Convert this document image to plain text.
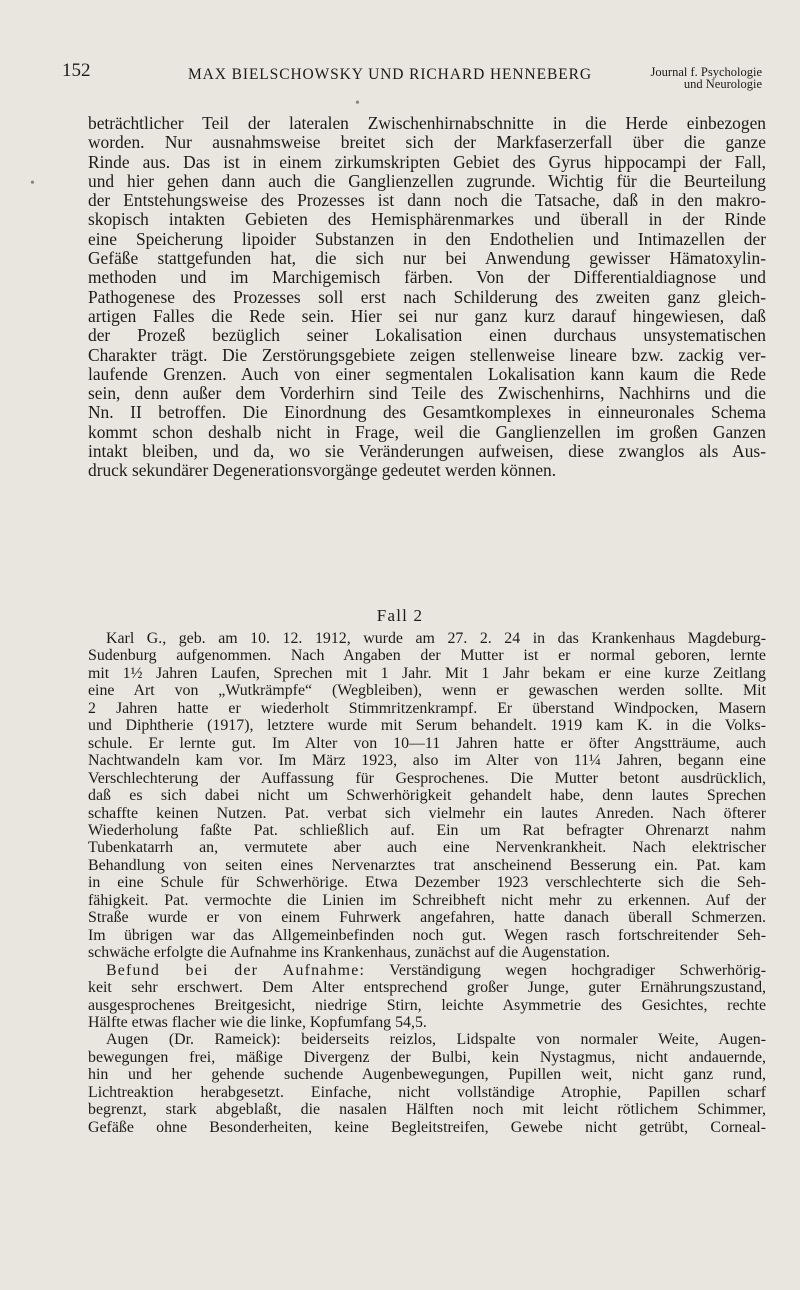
152	MAX BIELSCHOWSKY UND RICHARD HENNEBERG	Journal f. Psychologie
und Neurologie

beträchtlicher Teil der lateralen Zwischenhirnabschnitte in die Herde einbezogen

worden. Nur ausnahmsweise breitet sich der Markfaserzerfall über die ganze

Rinde aus. Das ist in einem zirkumskripten Gebiet des Gyrus hippocampi der Fall,

und hier gehen dann auch die Ganglienzellen zugrunde. Wichtig für die Beurteilung

der Entstehungsweise des Prozesses ist dann noch die Tatsache, daß in den makro-

skopisch intakten Gebieten des Hemisphärenmarkes und überall in der Rinde

eine Speicherung lipoider Substanzen in den Endothelien und Intimazellen der

Gefäße stattgefunden hat, die sich nur bei Anwendung gewisser Hämatoxylin-

methoden und im Marchigemisch färben. Von der Differentialdiagnose und

Pathogenese des Prozesses soll erst nach Schilderung des zweiten ganz gleich-

artigen Falles die Rede sein. Hier sei nur ganz kurz darauf hingewiesen, daß

der Prozeß bezüglich seiner Lokalisation einen durchaus unsystematischen

Charakter trägt. Die Zerstörungsgebiete zeigen stellenweise lineare bzw. zackig ver-

laufende Grenzen. Auch von einer segmentalen Lokalisation kann kaum die Rede

sein, denn außer dem Vorderhirn sind Teile des Zwischenhirns, Nachhirns und die

Nn. II betroffen. Die Einordnung des Gesamtkomplexes in einneuronales Schema

kommt schon deshalb nicht in Frage, weil die Ganglienzellen im großen Ganzen

intakt bleiben, und da, wo sie Veränderungen aufweisen, diese zwanglos als Aus-

druck sekundärer Degenerationsvorgänge gedeutet werden können.

Fall 2

Karl G., geb. am 10. 12. 1912, wurde am 27. 2. 24 in das Krankenhaus Magdeburg-

Sudenburg aufgenommen. Nach Angaben der Mutter ist er normal geboren, lernte

mit 1½ Jahren Laufen, Sprechen mit 1 Jahr. Mit 1 Jahr bekam er eine kurze Zeitlang

eine Art von „Wutkrämpfe“ (Wegbleiben), wenn er gewaschen werden sollte. Mit

2 Jahren hatte er wiederholt Stimmritzenkrampf. Er überstand Windpocken, Masern

und Diphtherie (1917), letztere wurde mit Serum behandelt. 1919 kam K. in die Volks-

schule. Er lernte gut. Im Alter von 10—11 Jahren hatte er öfter Angstträume, auch

Nachtwandeln kam vor. Im März 1923, also im Alter von 11¼ Jahren, begann eine

Verschlechterung der Auffassung für Gesprochenes. Die Mutter betont ausdrücklich,

daß es sich dabei nicht um Schwerhörigkeit gehandelt habe, denn lautes Sprechen

schaffte keinen Nutzen. Pat. verbat sich vielmehr ein lautes Anreden. Nach öfterer

Wiederholung faßte Pat. schließlich auf. Ein um Rat befragter Ohrenarzt nahm

Tubenkatarrh an, vermutete aber auch eine Nervenkrankheit. Nach elektrischer

Behandlung von seiten eines Nervenarztes trat anscheinend Besserung ein. Pat. kam

in eine Schule für Schwerhörige. Etwa Dezember 1923 verschlechterte sich die Seh-

fähigkeit. Pat. vermochte die Linien im Schreibheft nicht mehr zu erkennen. Auf der

Straße wurde er von einem Fuhrwerk angefahren, hatte danach überall Schmerzen.

Im übrigen war das Allgemeinbefinden noch gut. Wegen rasch fortschreitender Seh-

schwäche erfolgte die Aufnahme ins Krankenhaus, zunächst auf die Augenstation.

Befund bei der Aufnahme: Verständigung wegen hochgradiger Schwerhörig-

keit sehr erschwert. Dem Alter entsprechend großer Junge, guter Ernährungszustand,

ausgesprochenes Breitgesicht, niedrige Stirn, leichte Asymmetrie des Gesichtes, rechte

Hälfte etwas flacher wie die linke, Kopfumfang 54,5.

Augen (Dr. Rameick): beiderseits reizlos, Lidspalte von normaler Weite, Augen-

bewegungen frei, mäßige Divergenz der Bulbi, kein Nystagmus, nicht andauernde,

hin und her gehende suchende Augenbewegungen, Pupillen weit, nicht ganz rund,

Lichtreaktion herabgesetzt. Einfache, nicht vollständige Atrophie, Papillen scharf

begrenzt, stark abgeblaßt, die nasalen Hälften noch mit leicht rötlichem Schimmer,

Gefäße ohne Besonderheiten, keine Begleitstreifen, Gewebe nicht getrübt, Corneal-

•
•
